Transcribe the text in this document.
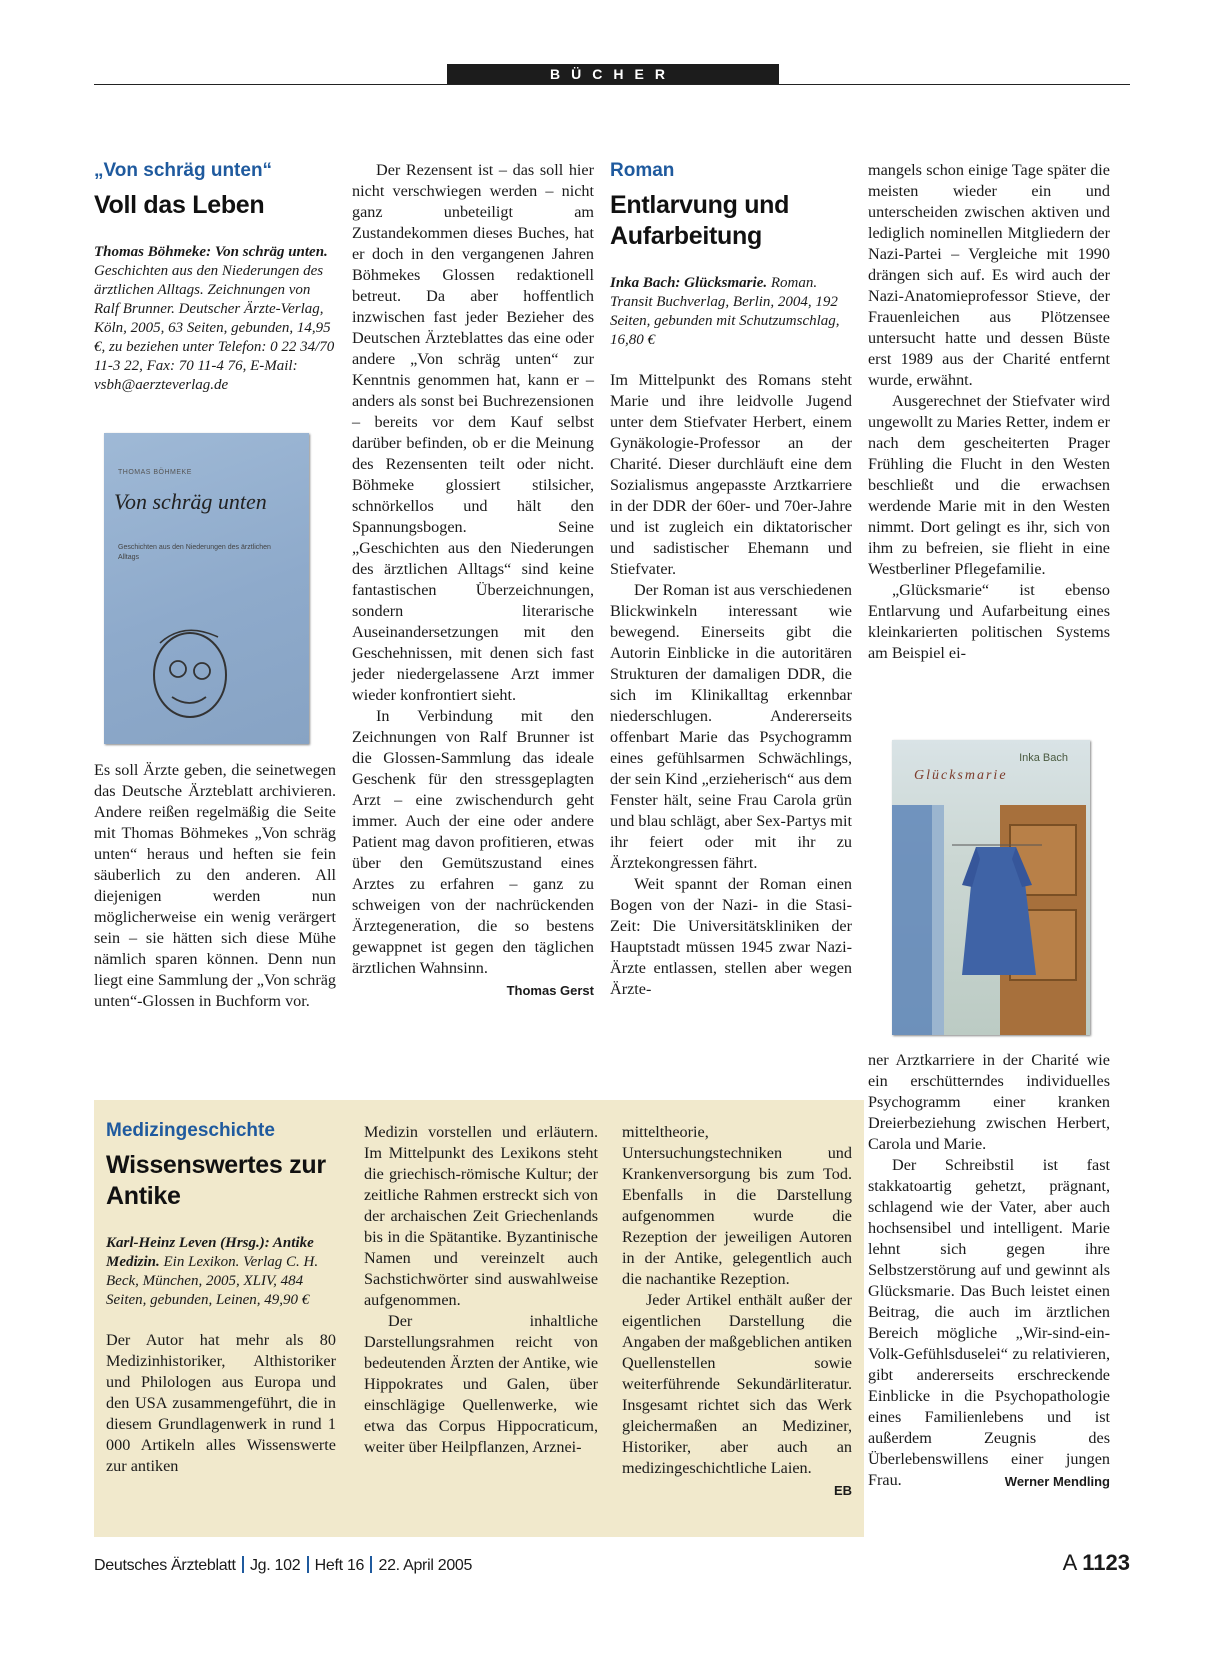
BÜCHER
„Von schräg unten“
Voll das Leben
Thomas Böhmeke: Von schräg unten. Geschichten aus den Niederungen des ärztlichen Alltags. Zeichnungen von Ralf Brunner. Deutscher Ärzte-Verlag, Köln, 2005, 63 Seiten, gebunden, 14,95 €, zu beziehen unter Telefon: 0 22 34/70 11-3 22, Fax: 70 11-4 76, E-Mail: vsbh@aerzteverlag.de
THOMAS BÖHMEKE
Von schräg unten
Geschichten aus den Niederungen des ärztlichen Alltags

Es soll Ärzte geben, die seinetwegen das Deutsche Ärzteblatt archivieren. Andere reißen regelmäßig die Seite mit Thomas Böhmekes „Von schräg unten“ heraus und heften sie fein säuberlich zu den anderen. All diejenigen werden nun möglicherweise ein wenig verärgert sein – sie hätten sich diese Mühe nämlich sparen können. Denn nun liegt eine Sammlung der „Von schräg unten“-Glossen in Buchform vor.

Der Rezensent ist – das soll hier nicht verschwiegen werden – nicht ganz unbeteiligt am Zustandekommen dieses Buches, hat er doch in den vergangenen Jahren Böhmekes Glossen redaktionell betreut. Da aber hoffentlich inzwischen fast jeder Bezieher des Deutschen Ärzteblattes das eine oder andere „Von schräg unten“ zur Kenntnis genommen hat, kann er – anders als sonst bei Buchrezensionen – bereits vor dem Kauf selbst darüber befinden, ob er die Meinung des Rezensenten teilt oder nicht. Böhmeke glossiert stilsicher, schnörkellos und hält den Spannungsbogen. Seine „Geschichten aus den Niederungen des ärztlichen Alltags“ sind keine fantastischen Überzeichnungen, sondern literarische Auseinandersetzungen mit den Geschehnissen, mit denen sich fast jeder niedergelassene Arzt immer wieder konfrontiert sieht.

In Verbindung mit den Zeichnungen von Ralf Brunner ist die Glossen-Sammlung das ideale Geschenk für den stressgeplagten Arzt – eine zwischendurch geht immer. Auch der eine oder andere Patient mag davon profitieren, etwas über den Gemütszustand eines Arztes zu erfahren – ganz zu schweigen von der nachrückenden Ärztegeneration, die so bestens gewappnet ist gegen den täglichen ärztlichen Wahnsinn.
Thomas Gerst

Roman
Entlarvung und Aufarbeitung
Inka Bach: Glücksmarie. Roman. Transit Buchverlag, Berlin, 2004, 192 Seiten, gebunden mit Schutzumschlag, 16,80 €

Im Mittelpunkt des Romans steht Marie und ihre leidvolle Jugend unter dem Stiefvater Herbert, einem Gynäkologie-Professor an der Charité. Dieser durchläuft eine dem Sozialismus angepasste Arztkarriere in der DDR der 60er- und 70er-Jahre und ist zugleich ein diktatorischer und sadistischer Ehemann und Stiefvater.

Der Roman ist aus verschiedenen Blickwinkeln interessant wie bewegend. Einerseits gibt die Autorin Einblicke in die autoritären Strukturen der damaligen DDR, die sich im Klinikalltag erkennbar niederschlugen. Andererseits offenbart Marie das Psychogramm eines gefühlsarmen Schwächlings, der sein Kind „erzieherisch“ aus dem Fenster hält, seine Frau Carola grün und blau schlägt, aber Sex-Partys mit ihr feiert oder mit ihr zu Ärztekongressen fährt.

Weit spannt der Roman einen Bogen von der Nazi- in die Stasi-Zeit: Die Universitätskliniken der Hauptstadt müssen 1945 zwar Nazi-Ärzte entlassen, stellen aber wegen Ärzte-

mangels schon einige Tage später die meisten wieder ein und unterscheiden zwischen aktiven und lediglich nominellen Mitgliedern der Nazi-Partei – Vergleiche mit 1990 drängen sich auf. Es wird auch der Nazi-Anatomieprofessor Stieve, der Frauenleichen aus Plötzensee untersucht hatte und dessen Büste erst 1989 aus der Charité entfernt wurde, erwähnt.

Ausgerechnet der Stiefvater wird ungewollt zu Maries Retter, indem er nach dem gescheiterten Prager Frühling die Flucht in den Westen beschließt und die erwachsen werdende Marie mit in den Westen nimmt. Dort gelingt es ihr, sich von ihm zu befreien, sie flieht in eine Westberliner Pflegefamilie.

„Glücksmarie“ ist ebenso Entlarvung und Aufarbeitung eines kleinkarierten politischen Systems am Beispiel ei-

Inka Bach
Glücksmarie

ner Arztkarriere in der Charité wie ein erschütterndes individuelles Psychogramm einer kranken Dreierbeziehung zwischen Herbert, Carola und Marie.

Der Schreibstil ist fast stakkatoartig gehetzt, prägnant, schlagend wie der Vater, aber auch hochsensibel und intelligent. Marie lehnt sich gegen ihre Selbstzerstörung auf und gewinnt als Glücksmarie. Das Buch leistet einen Beitrag, die auch im ärztlichen Bereich mögliche „Wir-sind-ein-Volk-Gefühlsduselei“ zu relativieren, gibt andererseits erschreckende Einblicke in die Psychopathologie eines Familienlebens und ist außerdem Zeugnis des Überlebenswillens einer jungen Frau.	Werner Mendling

Medizingeschichte
Wissenswertes zur Antike
Karl-Heinz Leven (Hrsg.): Antike Medizin. Ein Lexikon. Verlag C. H. Beck, München, 2005, XLIV, 484 Seiten, gebunden, Leinen, 49,90 €

Der Autor hat mehr als 80 Medizinhistoriker, Althistoriker und Philologen aus Europa und den USA zusammengeführt, die in diesem Grundlagenwerk in rund 1 000 Artikeln alles Wissenswerte zur antiken

Medizin vorstellen und erläutern. Im Mittelpunkt des Lexikons steht die griechisch-römische Kultur; der zeitliche Rahmen erstreckt sich von der archaischen Zeit Griechenlands bis in die Spätantike. Byzantinische Namen und vereinzelt auch Sachstichwörter sind auswahlweise aufgenommen.

Der inhaltliche Darstellungsrahmen reicht von bedeutenden Ärzten der Antike, wie Hippokrates und Galen, über einschlägige Quellenwerke, wie etwa das Corpus Hippocraticum, weiter über Heilpflanzen, Arznei-

mitteltheorie, Untersuchungstechniken und Krankenversorgung bis zum Tod. Ebenfalls in die Darstellung aufgenommen wurde die Rezeption der jeweiligen Autoren in der Antike, gelegentlich auch die nachantike Rezeption.

Jeder Artikel enthält außer der eigentlichen Darstellung die Angaben der maßgeblichen antiken Quellenstellen sowie weiterführende Sekundärliteratur. Insgesamt richtet sich das Werk gleichermaßen an Mediziner, Historiker, aber auch an medizingeschichtliche Laien.
EB

Deutsches Ärzteblatt Jg. 102 Heft 16 22. April 2005	A 1123
